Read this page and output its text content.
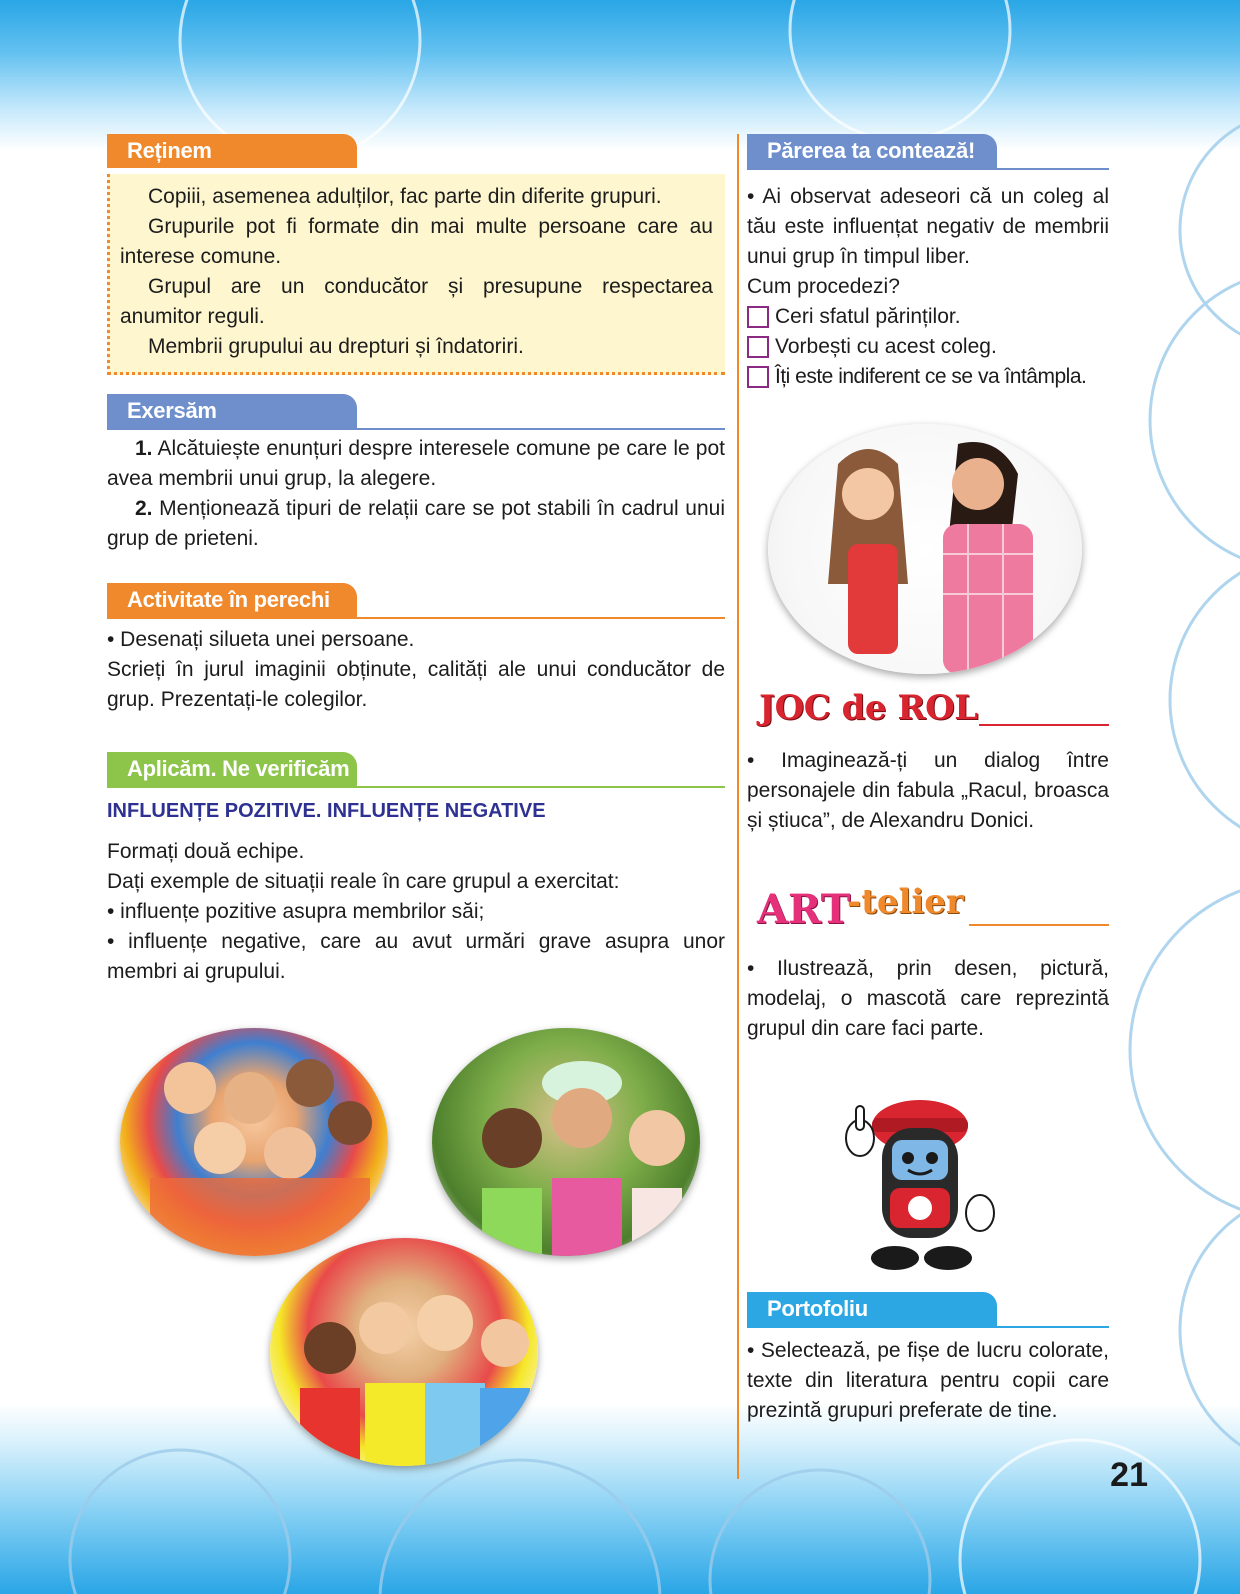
Reținem

Copiii, asemenea adulților, fac parte din diferite grupuri.

Grupurile pot fi formate din mai multe persoane care au interese comune.

Grupul are un conducător și presupune respectarea anumitor reguli.

Membrii grupului au drepturi și îndatoriri.

Exersăm

1. Alcătuiește enunțuri despre interesele comune pe care le pot avea membrii unui grup, la alegere.

2. Menționează tipuri de relații care se pot stabili în cadrul unui grup de prieteni.

Activitate în perechi

• Desenați silueta unei persoane.

Scrieți în jurul imaginii obținute, calități ale unui conducător de grup. Prezentați-le colegilor.

Aplicăm. Ne verificăm

INFLUENȚE POZITIVE. INFLUENȚE NEGATIVE

Formați două echipe.

Dați exemple de situații reale în care grupul a exercitat:

• influențe pozitive asupra membrilor săi;

• influențe negative, care au avut urmări grave asupra unor membri ai grupului.

Părerea ta contează!

• Ai observat adeseori că un coleg al tău este influențat negativ de membrii unui grup în timpul liber.

Cum procedezi?

Ceri sfatul părinților.
Vorbești cu acest coleg.
Îți este indiferent ce se va întâmpla.
JOC de ROL

• Imaginează-ți un dialog între personajele din fabula „Racul, broasca și știuca”, de Alexandru Donici.

ART
-telier

• Ilustrează, prin desen, pictură, modelaj, o mascotă care reprezintă grupul din care faci parte.

Portofoliu

• Selectează, pe fișe de lucru colorate, texte din literatura pentru copii care prezintă grupuri preferate de tine.

21
